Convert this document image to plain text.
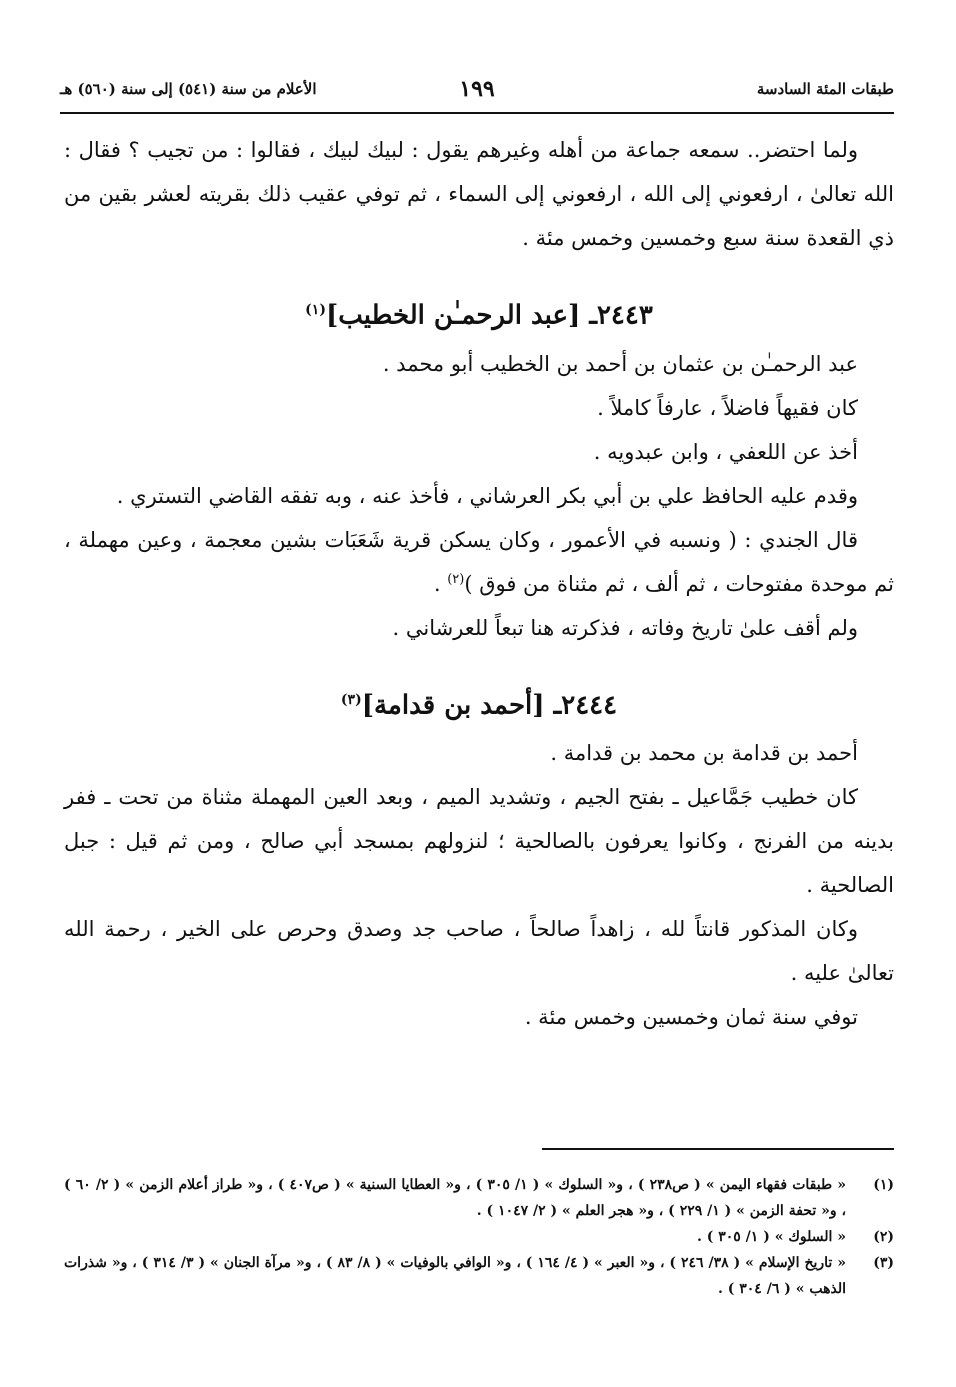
طبقات المئة السادسة
١٩٩
الأعلام من سنة (٥٤١) إلى سنة (٥٦٠) هـ

ولما احتضر.. سمعه جماعة من أهله وغيرهم يقول : لبيك لبيك ، فقالوا : من تجيب ؟ فقال : الله تعالىٰ ، ارفعوني إلى الله ، ارفعوني إلى السماء ، ثم توفي عقيب ذلك بقريته لعشر بقين من ذي القعدة سنة سبع وخمسين وخمس مئة .

٢٤٤٣ـ [عبد الرحمـٰن الخطيب]$^{(١)}$

عبد الرحمـٰن بن عثمان بن أحمد بن الخطيب أبو محمد .

كان فقيهاً فاضلاً ، عارفاً كاملاً .

أخذ عن اللعفي ، وابن عبدويه .

وقدم عليه الحافظ علي بن أبي بكر العرشاني ، فأخذ عنه ، وبه تفقه القاضي التستري .

قال الجندي : ( ونسبه في الأعمور ، وكان يسكن قرية شَعَبَات بشين معجمة ، وعين مهملة ، ثم موحدة مفتوحات ، ثم ألف ، ثم مثناة من فوق )$^{(٢)}$ .

ولم أقف علىٰ تاريخ وفاته ، فذكرته هنا تبعاً للعرشاني .

٢٤٤٤ـ [أحمد بن قدامة]$^{(٣)}$

أحمد بن قدامة بن محمد بن قدامة .

كان خطيب جَمَّاعيل ـ بفتح الجيم ، وتشديد الميم ، وبعد العين المهملة مثناة من تحت ـ ففر بدينه من الفرنج ، وكانوا يعرفون بالصالحية ؛ لنزولهم بمسجد أبي صالح ، ومن ثم قيل : جبل الصالحية .

وكان المذكور قانتاً لله ، زاهداً صالحاً ، صاحب جد وصدق وحرص على الخير ، رحمة الله تعالىٰ عليه .

توفي سنة ثمان وخمسين وخمس مئة .

(١)
« طبقات فقهاء اليمن » ( ص٢٣٨ ) ، و« السلوك » ( ١/ ٣٠٥ ) ، و« العطايا السنية » ( ص٤٠٧ ) ، و« طراز أعلام الزمن » ( ٢/ ٦٠ ) ، و« تحفة الزمن » ( ١/ ٢٢٩ ) ، و« هجر العلم » ( ٢/ ١٠٤٧ ) .
(٢)
« السلوك » ( ١/ ٣٠٥ ) .
(٣)
« تاريخ الإسلام » ( ٣٨/ ٢٤٦ ) ، و« العبر » ( ٤/ ١٦٤ ) ، و« الوافي بالوفيات » ( ٨/ ٨٣ ) ، و« مرآة الجنان » ( ٣/ ٣١٤ ) ، و« شذرات الذهب » ( ٦/ ٣٠٤ ) .
